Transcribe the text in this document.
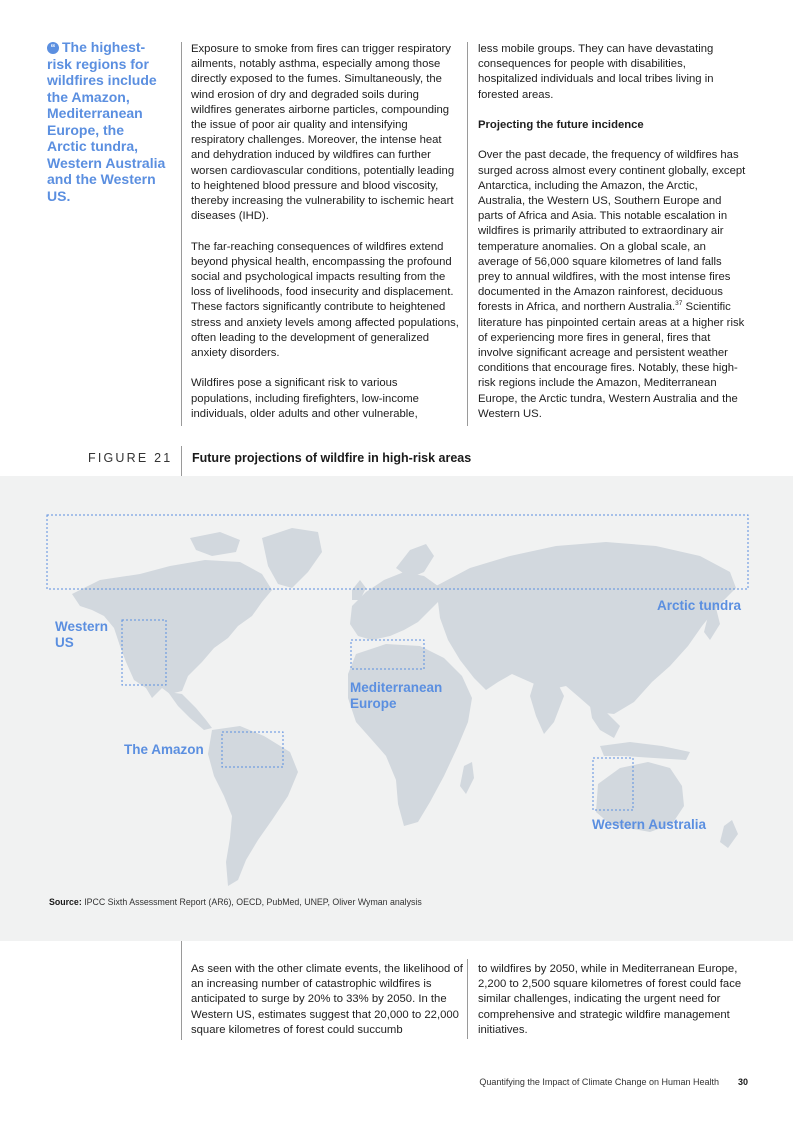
“ The highest-risk regions for wildfires include the Amazon, Mediterranean Europe, the Arctic tundra, Western Australia and the Western US.

Exposure to smoke from fires can trigger respiratory ailments, notably asthma, especially among those directly exposed to the fumes. Simultaneously, the wind erosion of dry and degraded soils during wildfires generates airborne particles, compounding the issue of poor air quality and intensifying respiratory challenges. Moreover, the intense heat and dehydration induced by wildfires can further worsen cardiovascular conditions, potentially leading to heightened blood pressure and blood viscosity, thereby increasing the vulnerability to ischemic heart diseases (IHD).

The far-reaching consequences of wildfires extend beyond physical health, encompassing the profound social and psychological impacts resulting from the loss of livelihoods, food insecurity and displacement. These factors significantly contribute to heightened stress and anxiety levels among affected populations, often leading to the development of generalized anxiety disorders.

Wildfires pose a significant risk to various populations, including firefighters, low-income individuals, older adults and other vulnerable,

less mobile groups. They can have devastating consequences for people with disabilities, hospitalized individuals and local tribes living in forested areas.

Projecting the future incidence

Over the past decade, the frequency of wildfires has surged across almost every continent globally, except Antarctica, including the Amazon, the Arctic, Australia, the Western US, Southern Europe and parts of Africa and Asia. This notable escalation in wildfires is primarily attributed to extraordinary air temperature anomalies. On a global scale, an average of 56,000 square kilometres of land falls prey to annual wildfires, with the most intense fires documented in the Amazon rainforest, deciduous forests in Africa, and northern Australia.$^{37}$ Scientific literature has pinpointed certain areas at a higher risk of experiencing more fires in general, fires that involve significant acreage and persistent weather conditions that encourage fires. Notably, these high-risk regions include the Amazon, Mediterranean Europe, the Arctic tundra, Western Australia and the Western US.

FIGURE 21 Future projections of wildfire in high-risk areas
Arctic tundra
Western
US
Mediterranean
Europe
The Amazon
Western Australia
Source: IPCC Sixth Assessment Report (AR6), OECD, PubMed, UNEP, Oliver Wyman analysis

As seen with the other climate events, the likelihood of an increasing number of catastrophic wildfires is anticipated to surge by 20% to 33% by 2050. In the Western US, estimates suggest that 20,000 to 22,000 square kilometres of forest could succumb

to wildfires by 2050, while in Mediterranean Europe, 2,200 to 2,500 square kilometres of forest could face similar challenges, indicating the urgent need for comprehensive and strategic wildfire management initiatives.

Quantifying the Impact of Climate Change on Human Health 30
